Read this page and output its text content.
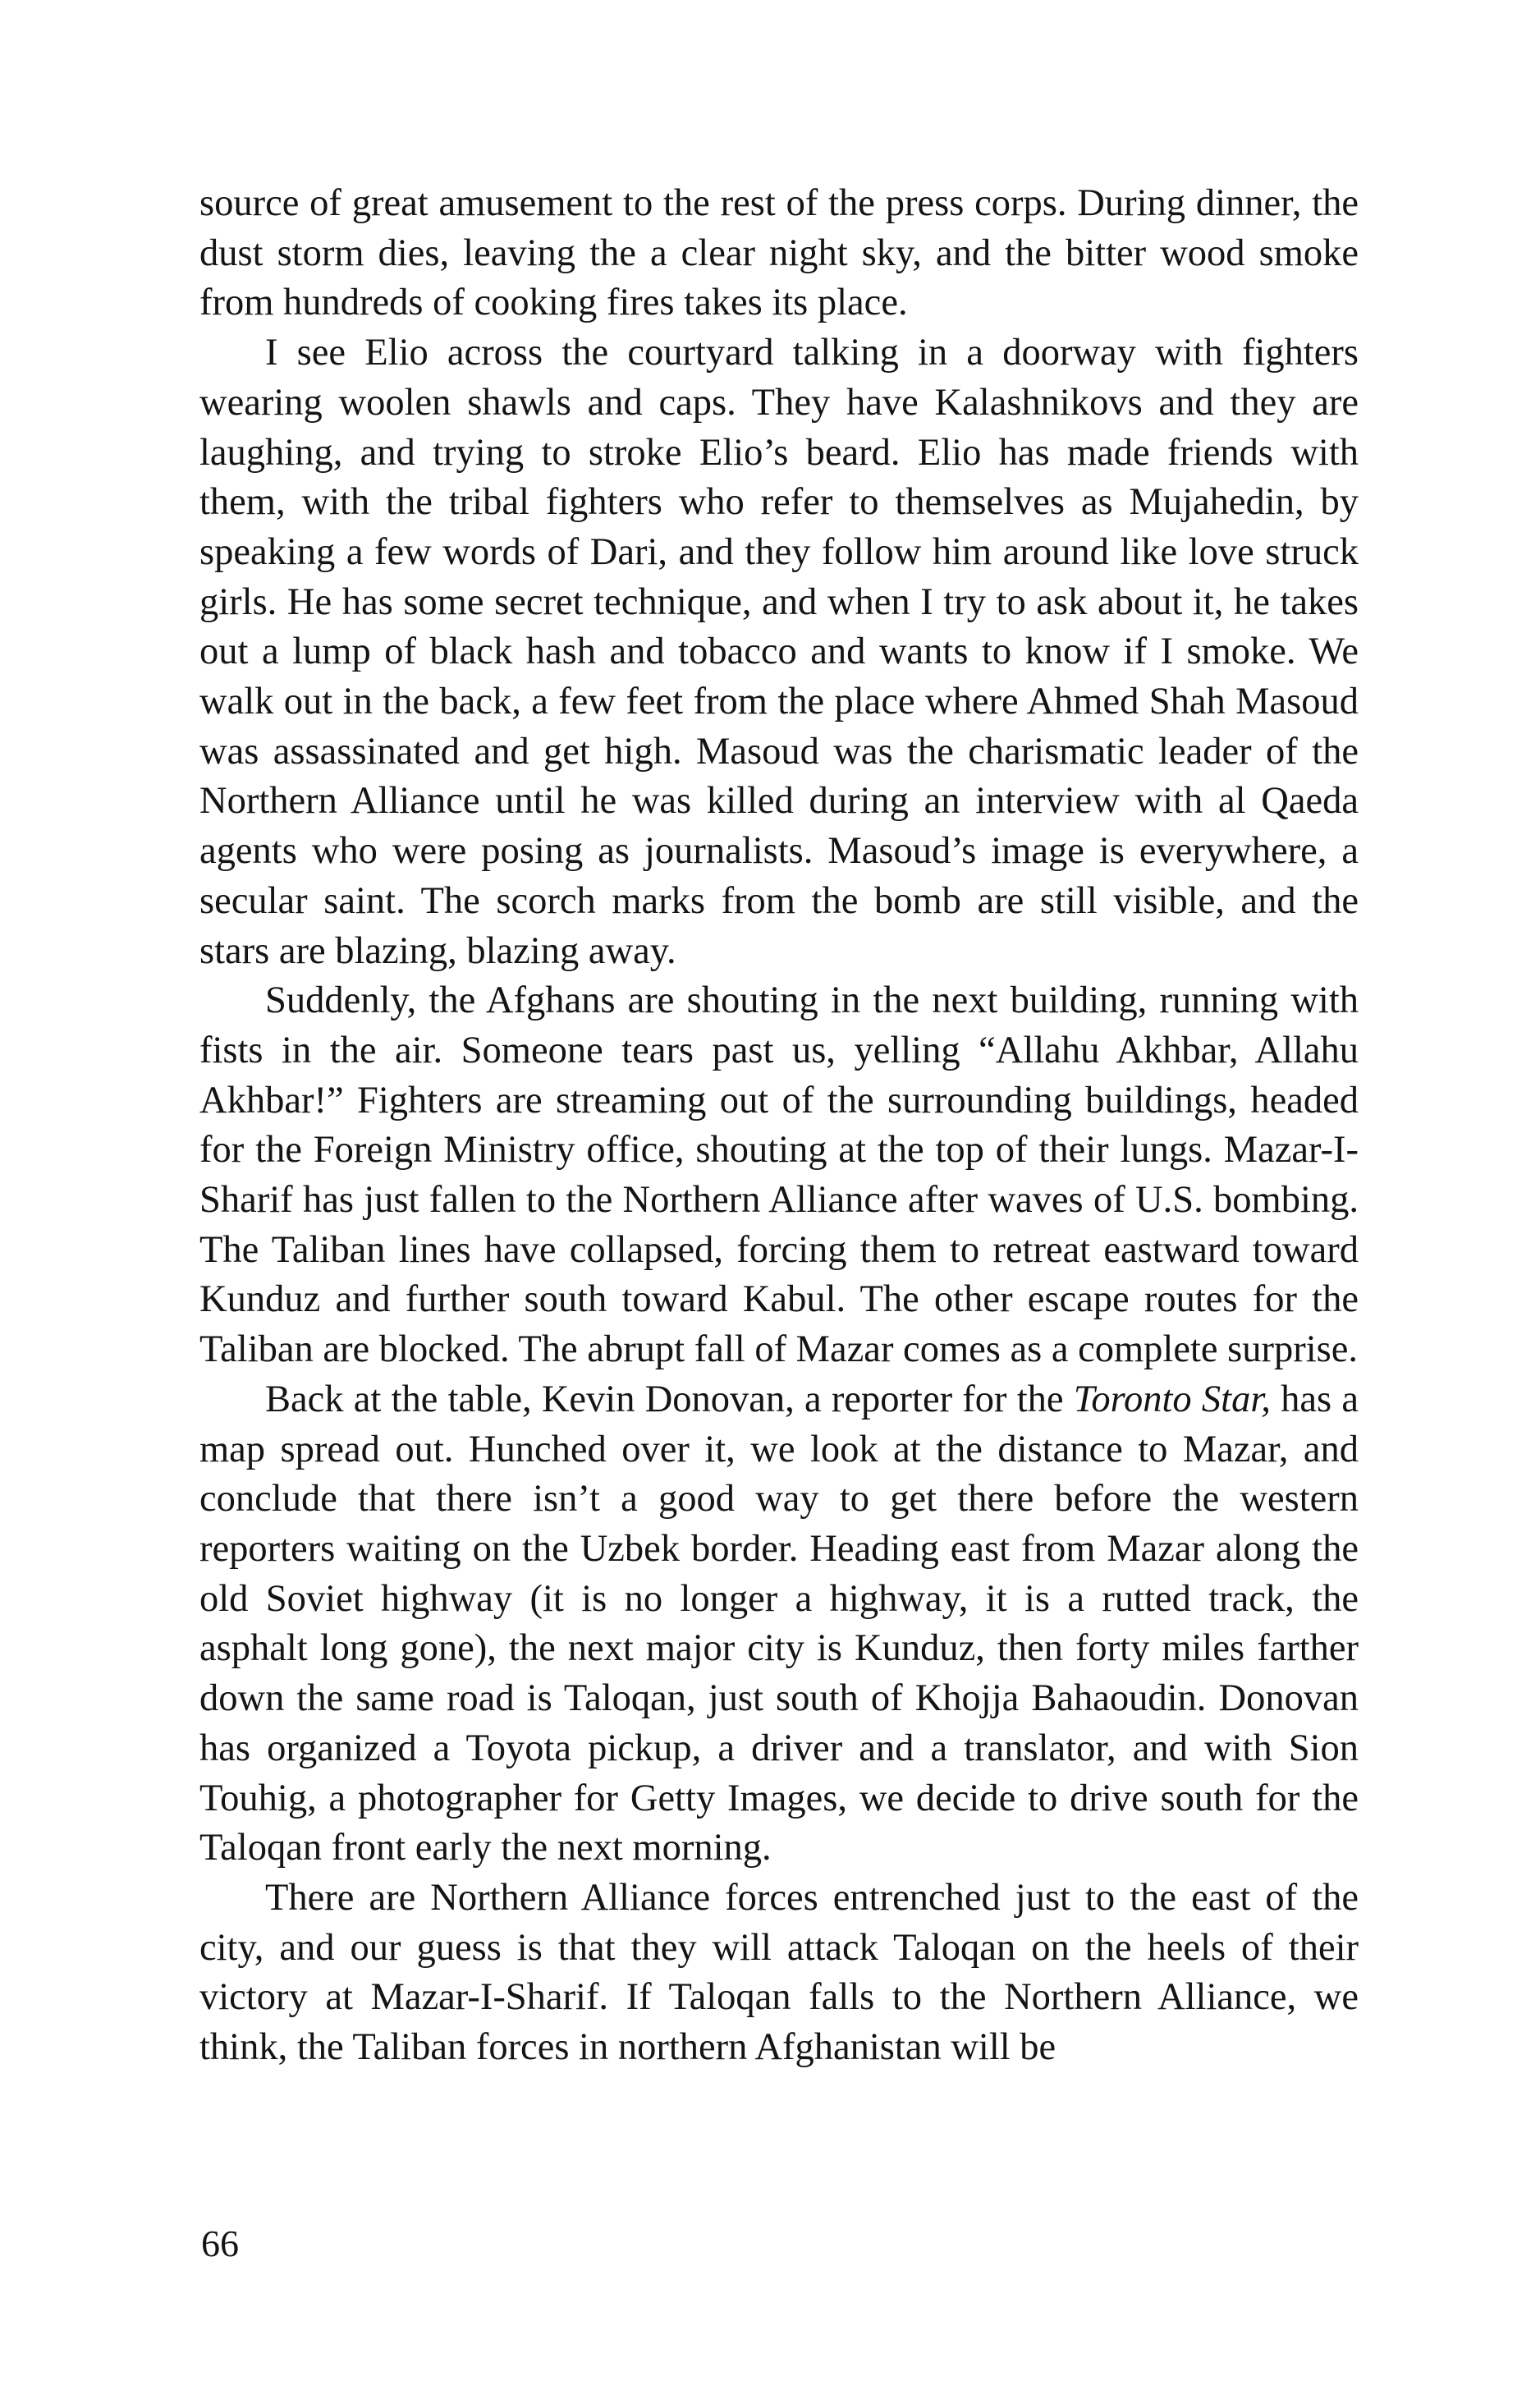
source of great amusement to the rest of the press corps. During dinner, the dust storm dies, leaving the a clear night sky, and the bitter wood smoke from hundreds of cooking fires takes its place.

I see Elio across the courtyard talking in a doorway with fighters wearing woolen shawls and caps. They have Kalashnikovs and they are laughing, and trying to stroke Elio’s beard. Elio has made friends with them, with the tribal fighters who refer to themselves as Mujahedin, by speaking a few words of Dari, and they follow him around like love struck girls. He has some secret technique, and when I try to ask about it, he takes out a lump of black hash and tobacco and wants to know if I smoke. We walk out in the back, a few feet from the place where Ahmed Shah Masoud was assassinated and get high. Masoud was the charismatic leader of the Northern Alliance until he was killed during an interview with al Qaeda agents who were posing as journalists. Masoud’s image is everywhere, a secular saint. The scorch marks from the bomb are still visible, and the stars are blazing, blazing away.

Suddenly, the Afghans are shouting in the next building, running with fists in the air. Someone tears past us, yelling “Allahu Akhbar, Allahu Akhbar!” Fighters are streaming out of the surrounding buildings, headed for the Foreign Ministry office, shouting at the top of their lungs. Mazar-I-Sharif has just fallen to the Northern Alliance after waves of U.S. bombing. The Taliban lines have collapsed, forcing them to retreat eastward toward Kunduz and further south toward Kabul. The other escape routes for the Taliban are blocked. The abrupt fall of Mazar comes as a complete surprise.

Back at the table, Kevin Donovan, a reporter for the Toronto Star, has a map spread out. Hunched over it, we look at the distance to Mazar, and conclude that there isn’t a good way to get there before the western reporters waiting on the Uzbek border. Heading east from Mazar along the old Soviet highway (it is no longer a highway, it is a rutted track, the asphalt long gone), the next major city is Kunduz, then forty miles farther down the same road is Taloqan, just south of Khojja Bahaoudin. Donovan has organized a Toyota pickup, a driver and a translator, and with Sion Touhig, a photographer for Getty Images, we decide to drive south for the Taloqan front early the next morning.

There are Northern Alliance forces entrenched just to the east of the city, and our guess is that they will attack Taloqan on the heels of their victory at Mazar-I-Sharif. If Taloqan falls to the Northern Alliance, we think, the Taliban forces in northern Afghanistan will be

66
